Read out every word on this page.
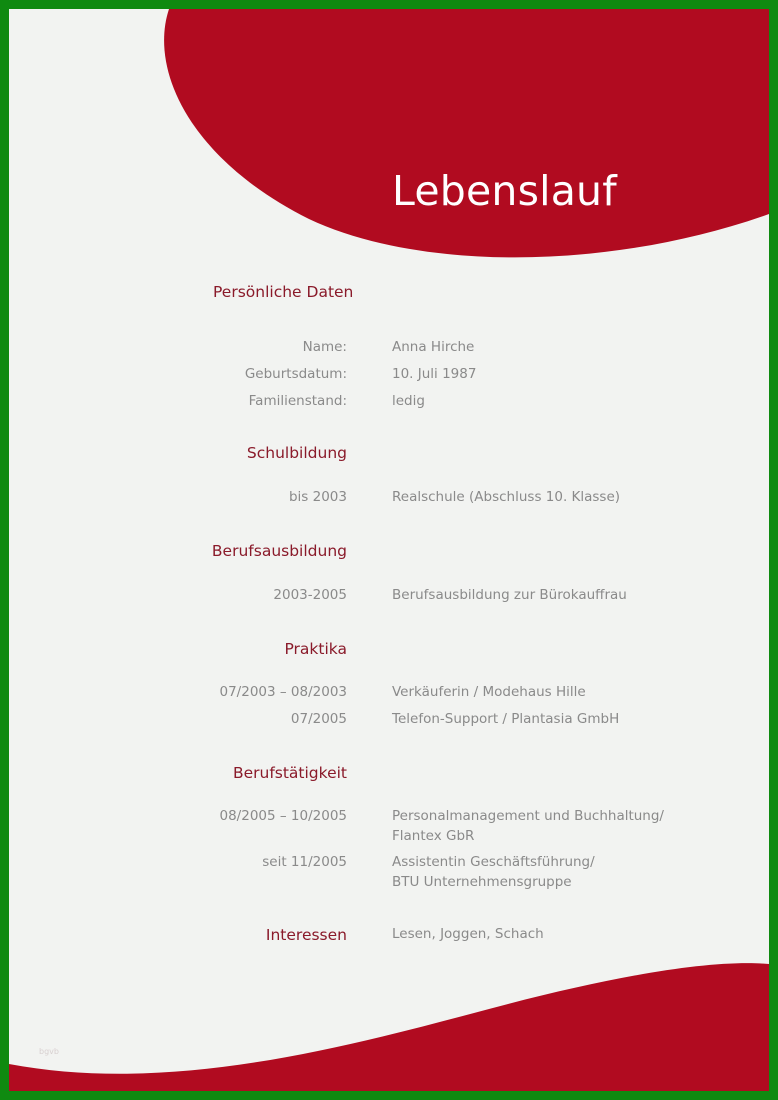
Lebenslauf
Persönliche Daten
Name:	Anna Hirche
Geburtsdatum:	10. Juli 1987
Familienstand:	ledig
Schulbildung
bis 2003	Realschule (Abschluss 10. Klasse)
Berufsausbildung
2003-2005	Berufsausbildung zur Bürokauffrau
Praktika
07/2003 – 08/2003	Verkäuferin / Modehaus Hille
07/2005	Telefon-Support / Plantasia GmbH
Berufstätigkeit
08/2005 – 10/2005	Personalmanagement und Buchhaltung/
Flantex GbR
seit 11/2005	Assistentin Geschäftsführung/
BTU Unternehmensgruppe
Interessen	Lesen, Joggen, Schach
bgvb
